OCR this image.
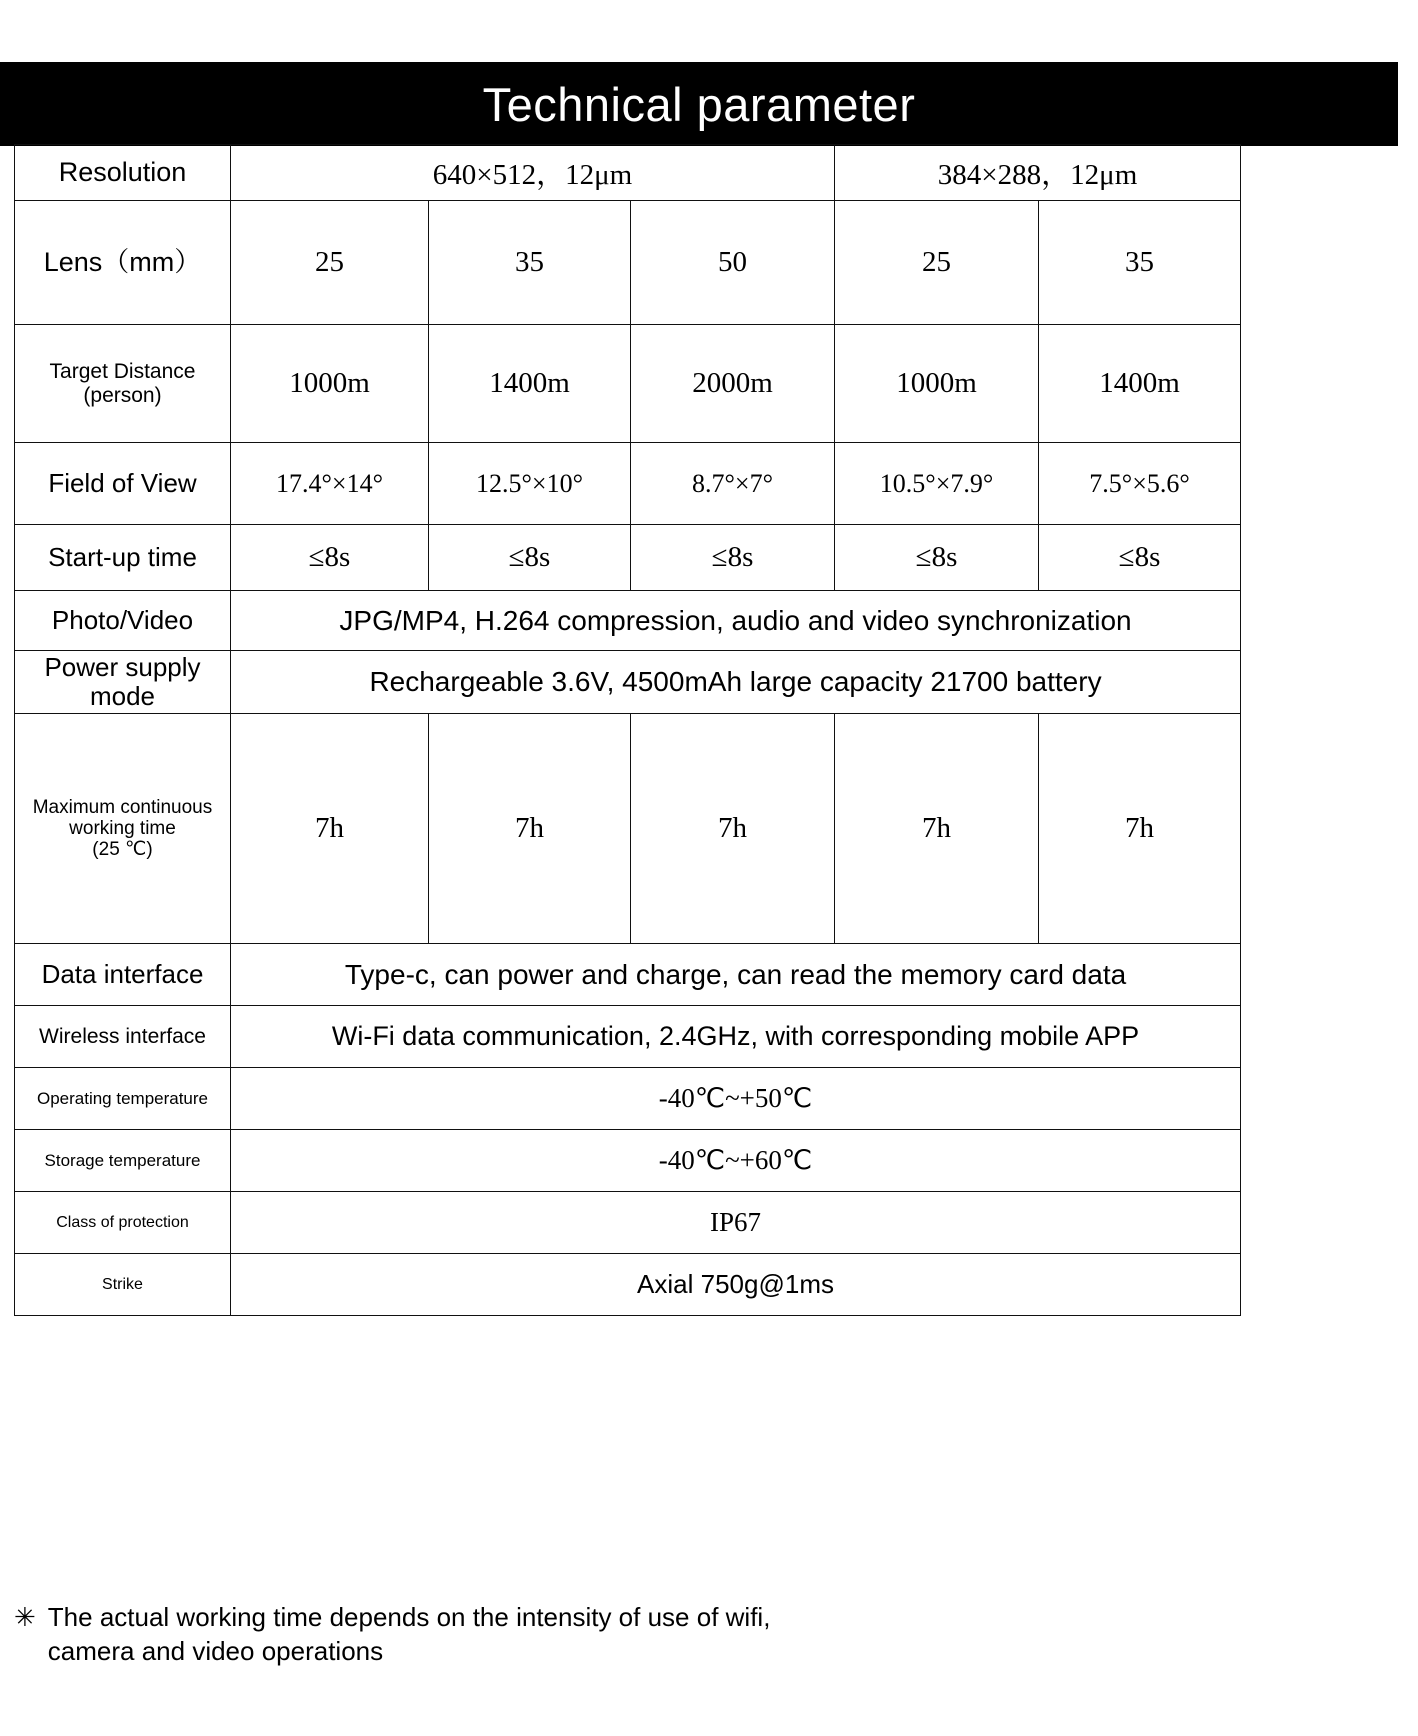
Technical parameter
Resolution	640×512，12μm			384×288，12μm	
Lens（mm）	25	35	50	25	35

Target Distance
(person)	1000m	1400m	2000m	1000m	1400m
Field of View	17.4°×14°	12.5°×10°	8.7°×7°	10.5°×7.9°	7.5°×5.6°
Start-up time	≤8s	≤8s	≤8s	≤8s	≤8s
Photo/Video	JPG/MP4, H.264 compression, audio and video synchronization				

Power supply
mode	Rechargeable 3.6V, 4500mAh large capacity 21700 battery				

Maximum continuous
working time
(25 ℃)	7h	7h	7h	7h	7h
Data interface	Type-c, can power and charge, can read the memory card data				
Wireless interface	Wi-Fi data communication, 2.4GHz, with corresponding mobile APP				
Operating temperature	-40℃~+50℃				
Storage temperature	-40℃~+60℃				
Class of protection	IP67				
Strike	Axial 750g@1ms				
✳ The actual working time depends on the intensity of use of wifi,
camera and video operations
